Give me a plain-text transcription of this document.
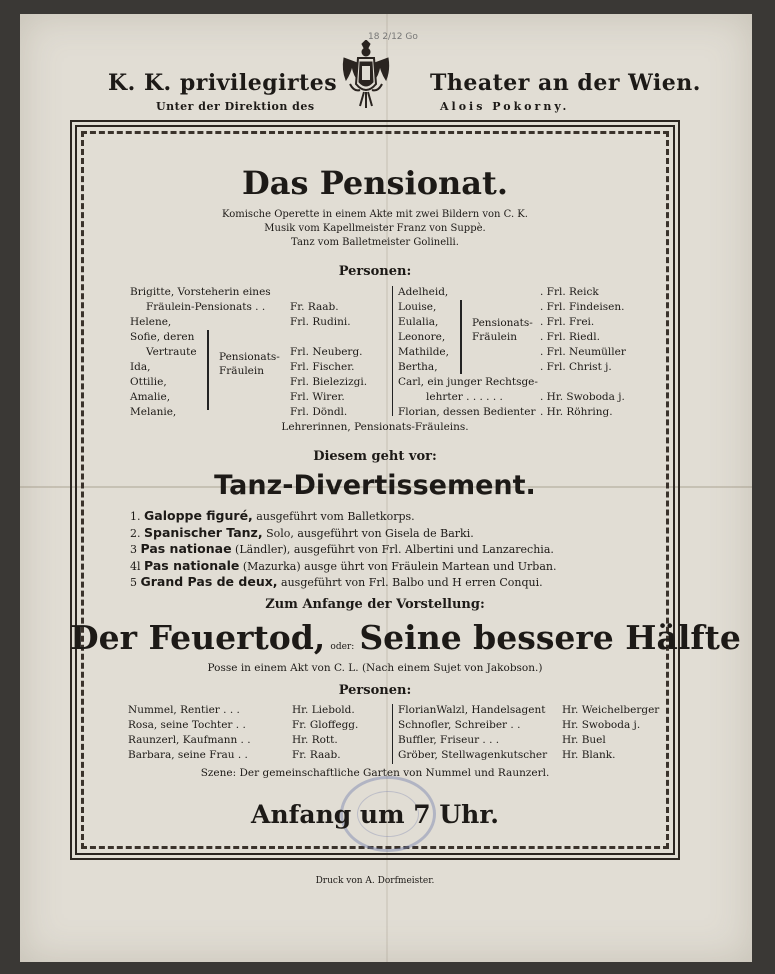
18 2/12 Go
K. K. privilegirtes	Theater an der Wien.
Unter der Direktion des	Alois Pokorny.
Das Pensionat.
Komische Operette in einem Akte mit zwei Bildern von C. K.
Musik vom Kapellmeister Franz von Suppè.
Tanz vom Balletmeister Golinelli.
Personen:
Brigitte, Vorsteherin eines
Fräulein-Pensionats . .
Helene,
Sofie, deren
Vertraute
Ida,
Ottilie,
Amalie,
Melanie,

Fr. Raab.
Frl. Rudini.

Frl. Neuberg.
Frl. Fischer.
Frl. Bielezizgi.
Frl. Wirer.
Frl. Döndl.
Pensionats-
Fräulein
Adelheid,
Louise,
Eulalia,
Leonore,
Mathilde,
Bertha,
Carl, ein junger Rechtsge-
lehrter . . . . . .
Florian, dessen Bedienter
. Frl. Reick
. Frl. Findeisen.
. Frl. Frei.
. Frl. Riedl.
. Frl. Neumüller
. Frl. Christ j.

. Hr. Swoboda j.
. Hr. Röhring.
Pensionats-
Fräulein
Lehrerinnen, Pensionats-Fräuleins.
Diesem geht vor:
Tanz-Divertissement.
1. Galoppe figuré, ausgeführt vom Balletkorps.
2. Spanischer Tanz, Solo, ausgeführt von Gisela de Barki.
3 Pas nationae (Ländler), ausgeführt von Frl. Albertini und Lanzarechia.
4l Pas nationale (Mazurka) ausge ührt von Fräulein Martean und Urban.
5 Grand Pas de deux, ausgeführt von Frl. Balbo und H erren Conqui.
Zum Anfange der Vorstellung:
Der Feuertod, oder: Seine bessere Hälfte
Posse in einem Akt von C. L. (Nach einem Sujet von Jakobson.)
Personen:
Nummel, Rentier . . .
Rosa, seine Tochter . .
Raunzerl, Kaufmann . .
Barbara, seine Frau . .
Hr. Liebold.
Fr. Gloffegg.
Hr. Rott.
Fr. Raab.
FlorianWalzl, Handelsagent
Schnofler, Schreiber . .
Buffler, Friseur . . .
Gröber, Stellwagenkutscher
Hr. Weichelberger
Hr. Swoboda j.
Hr. Buel
Hr. Blank.
Szene: Der gemeinschaftliche Garten von Nummel und Raunzerl.
Anfang um 7 Uhr.
Druck von A. Dorfmeister.
